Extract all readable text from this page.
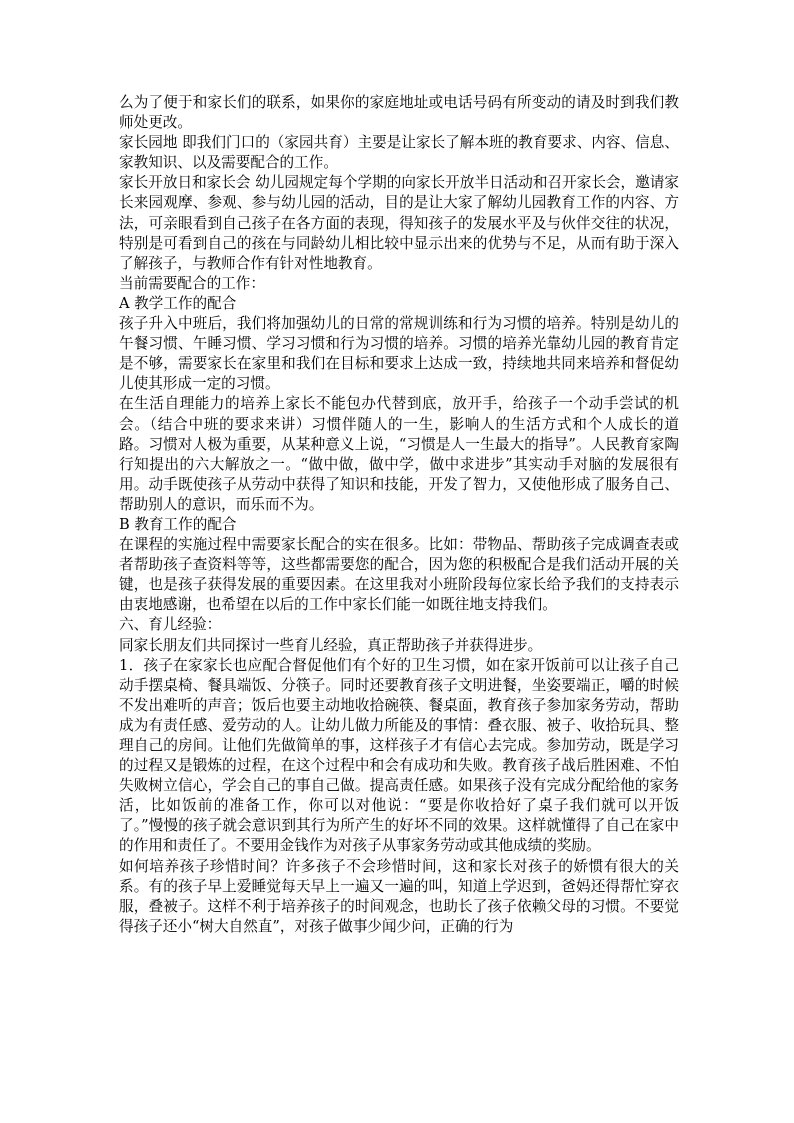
么为了便于和家长们的联系，如果你的家庭地址或电话号码有所变动的请及时到我们教师处更改。

家长园地 即我们门口的（家园共育）主要是让家长了解本班的教育要求、内容、信息、家教知识、以及需要配合的工作。

家长开放日和家长会 幼儿园规定每个学期的向家长开放半日活动和召开家长会，邀请家长来园观摩、参观、参与幼儿园的活动，目的是让大家了解幼儿园教育工作的内容、方法，可亲眼看到自己孩子在各方面的表现，得知孩子的发展水平及与伙伴交往的状况，特别是可看到自己的孩在与同龄幼儿相比较中显示出来的优势与不足，从而有助于深入了解孩子，与教师合作有针对性地教育。

当前需要配合的工作：

A 教学工作的配合

孩子升入中班后，我们将加强幼儿的日常的常规训练和行为习惯的培养。特别是幼儿的午餐习惯、午睡习惯、学习习惯和行为习惯的培养。习惯的培养光靠幼儿园的教育肯定是不够，需要家长在家里和我们在目标和要求上达成一致，持续地共同来培养和督促幼儿使其形成一定的习惯。

在生活自理能力的培养上家长不能包办代替到底，放开手，给孩子一个动手尝试的机会。（结合中班的要求来讲）习惯伴随人的一生，影响人的生活方式和个人成长的道路。习惯对人极为重要，从某种意义上说，“习惯是人一生最大的指导”。人民教育家陶行知提出的六大解放之一。“做中做，做中学，做中求进步”其实动手对脑的发展很有用。动手既使孩子从劳动中获得了知识和技能，开发了智力，又使他形成了服务自己、帮助别人的意识，而乐而不为。

B 教育工作的配合

在课程的实施过程中需要家长配合的实在很多。比如：带物品、帮助孩子完成调查表或者帮助孩子查资料等等，这些都需要您的配合，因为您的积极配合是我们活动开展的关键，也是孩子获得发展的重要因素。在这里我对小班阶段每位家长给予我们的支持表示由衷地感谢，也希望在以后的工作中家长们能一如既往地支持我们。

六、育儿经验：

同家长朋友们共同探讨一些育儿经验，真正帮助孩子并获得进步。

1．孩子在家家长也应配合督促他们有个好的卫生习惯，如在家开饭前可以让孩子自己动手摆桌椅、餐具端饭、分筷子。同时还要教育孩子文明进餐，坐姿要端正，嚼的时候不发出难听的声音；饭后也要主动地收拾碗筷、餐桌面，教育孩子参加家务劳动，帮助成为有责任感、爱劳动的人。让幼儿做力所能及的事情：叠衣服、被子、收拾玩具、整理自己的房间。让他们先做简单的事，这样孩子才有信心去完成。参加劳动，既是学习的过程又是锻炼的过程，在这个过程中和会有成功和失败。教育孩子战后胜困难、不怕失败树立信心，学会自己的事自己做。提高责任感。如果孩子没有完成分配给他的家务活，比如饭前的准备工作，你可以对他说：“要是你收拾好了桌子我们就可以开饭了。”慢慢的孩子就会意识到其行为所产生的好坏不同的效果。这样就懂得了自己在家中的作用和责任了。不要用金钱作为对孩子从事家务劳动或其他成绩的奖励。

如何培养孩子珍惜时间？许多孩子不会珍惜时间，这和家长对孩子的娇惯有很大的关系。有的孩子早上爱睡觉每天早上一遍又一遍的叫，知道上学迟到，爸妈还得帮忙穿衣服，叠被子。这样不利于培养孩子的时间观念，也助长了孩子依赖父母的习惯。不要觉得孩子还小“树大自然直”，对孩子做事少闻少问，正确的行为
